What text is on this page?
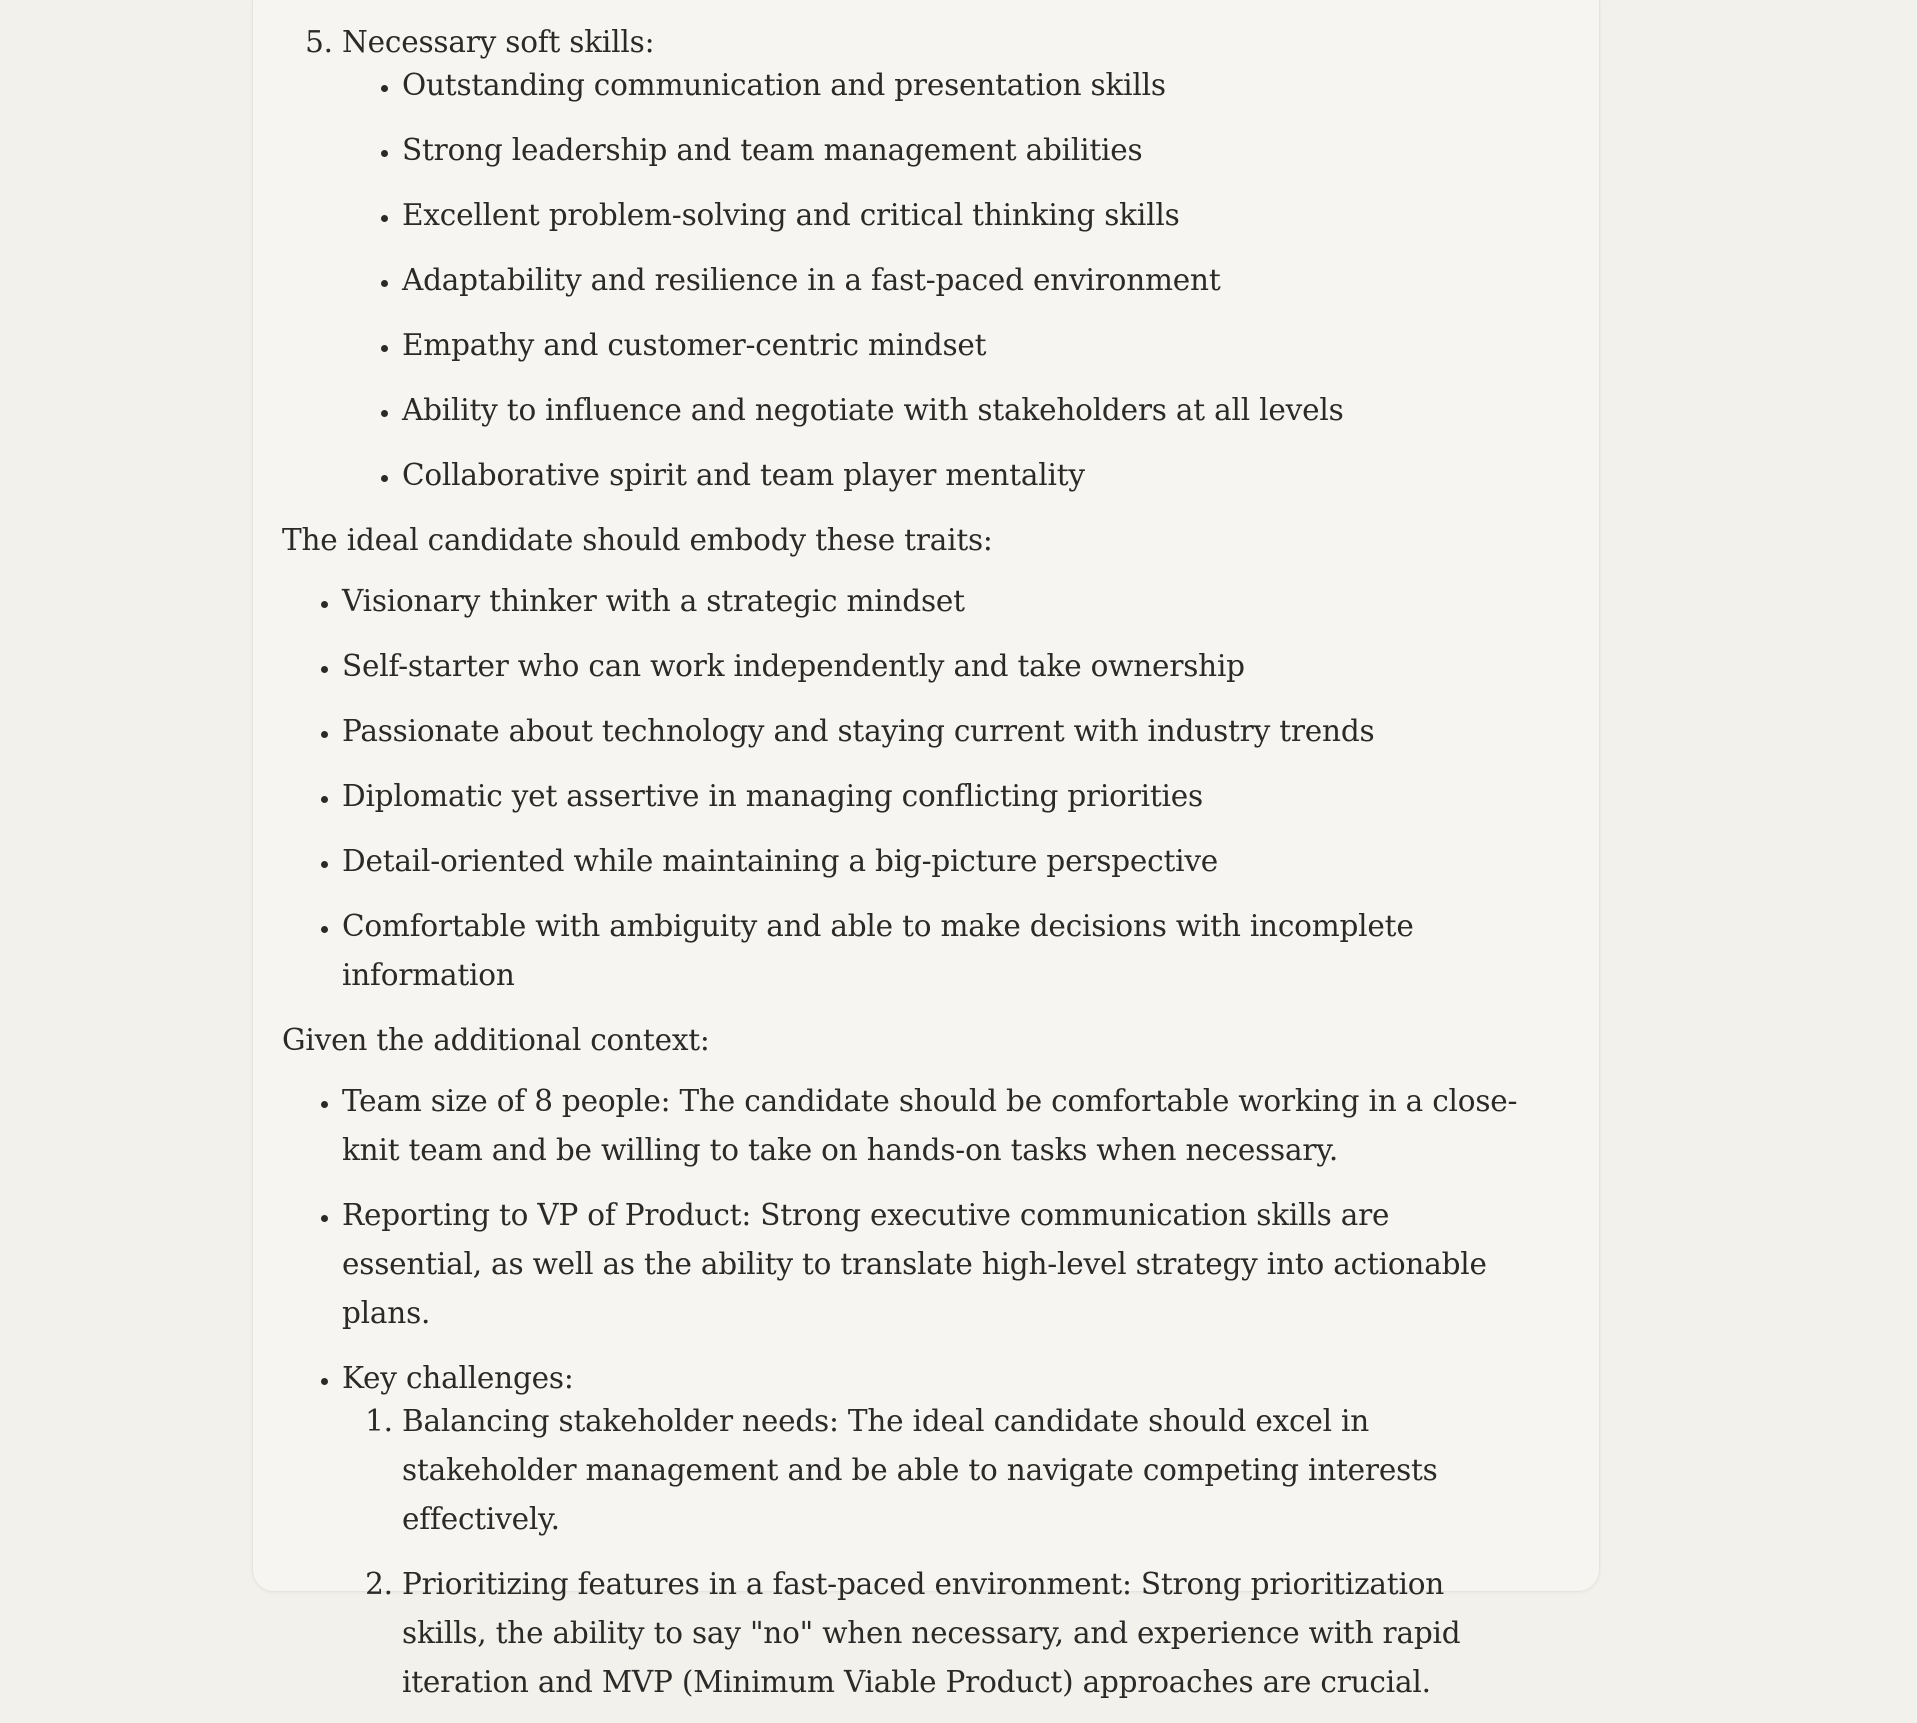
5. Necessary soft skills:
• Outstanding communication and presentation skills
• Strong leadership and team management abilities
• Excellent problem-solving and critical thinking skills
• Adaptability and resilience in a fast-paced environment
• Empathy and customer-centric mindset
• Ability to influence and negotiate with stakeholders at all levels
• Collaborative spirit and team player mentality

The ideal candidate should embody these traits:

• Visionary thinker with a strategic mindset
• Self-starter who can work independently and take ownership
• Passionate about technology and staying current with industry trends
• Diplomatic yet assertive in managing conflicting priorities
• Detail-oriented while maintaining a big-picture perspective
• Comfortable with ambiguity and able to make decisions with incomplete information

Given the additional context:

• Team size of 8 people: The candidate should be comfortable working in a close-knit team and be willing to take on hands-on tasks when necessary.
• Reporting to VP of Product: Strong executive communication skills are essential, as well as the ability to translate high-level strategy into actionable plans.
• Key challenges:
1. Balancing stakeholder needs: The ideal candidate should excel in stakeholder management and be able to navigate competing interests effectively.
2. Prioritizing features in a fast-paced environment: Strong prioritization skills, the ability to say "no" when necessary, and experience with rapid iteration and MVP (Minimum Viable Product) approaches are crucial.
